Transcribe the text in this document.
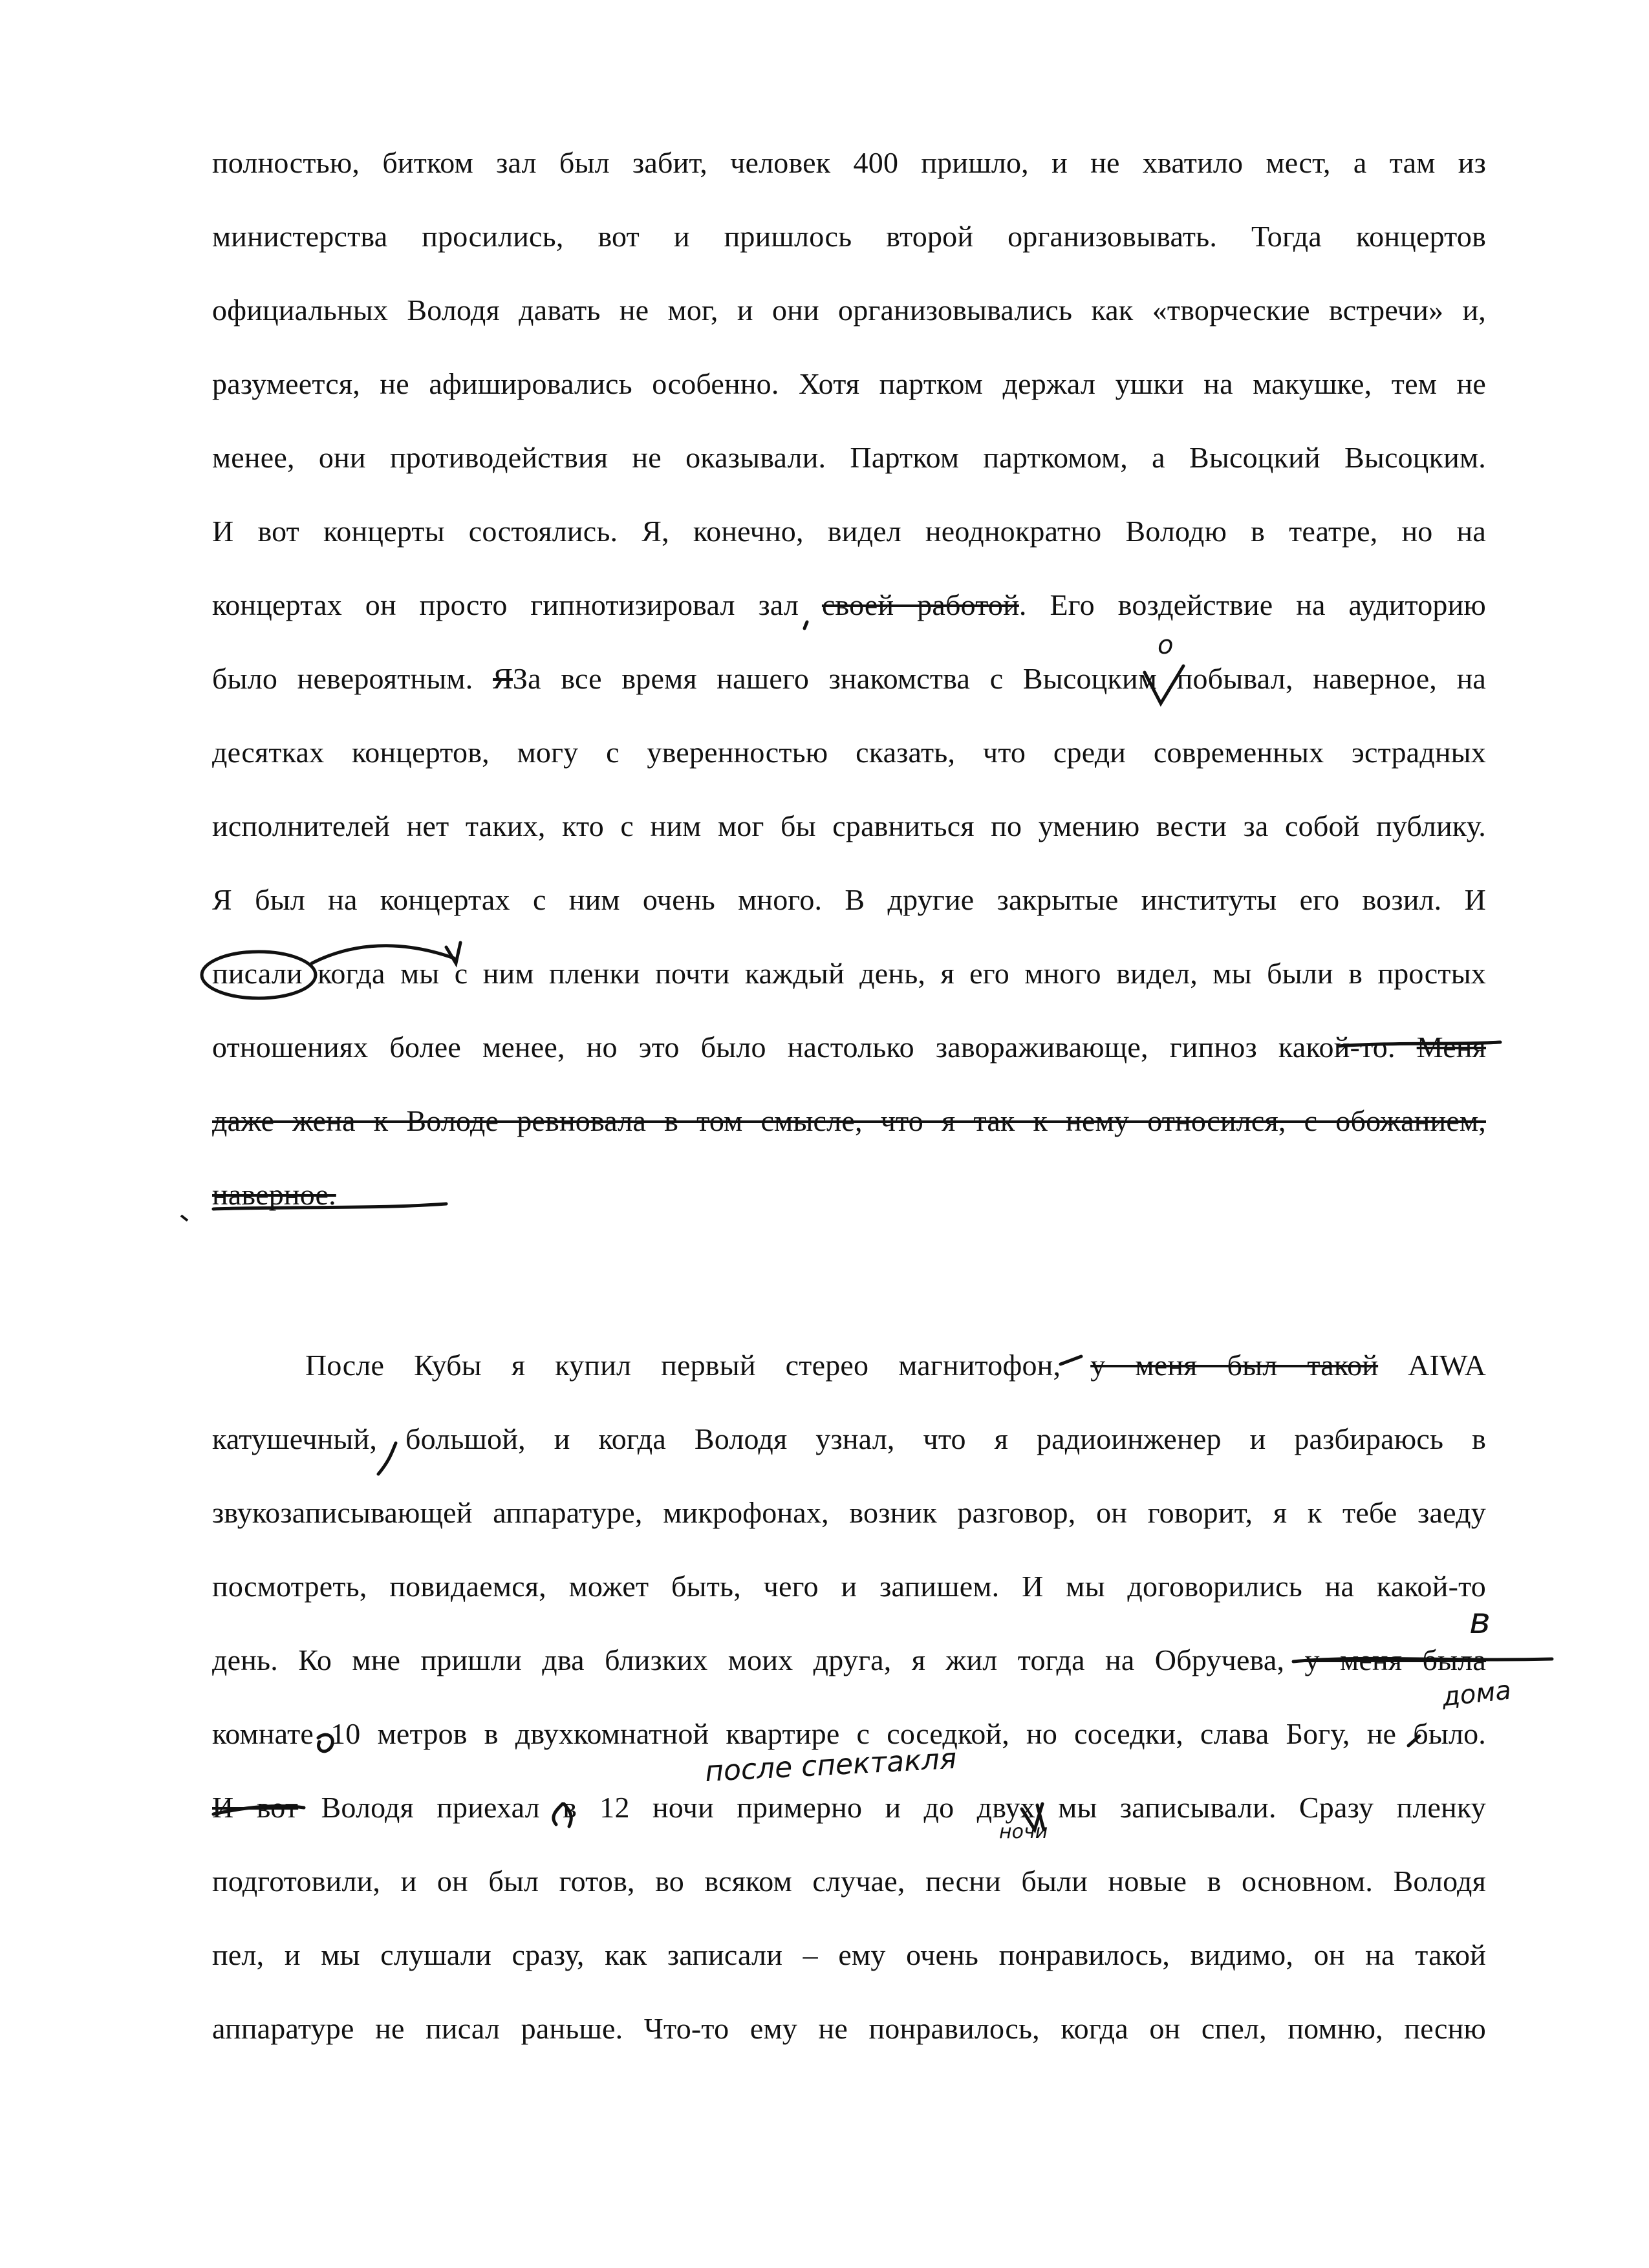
полностью, битком зал был забит, человек 400 пришло, и не хватило мест, а там из
министерства просились, вот и пришлось второй организовывать. Тогда концертов
официальных Володя давать не мог, и они организовывались как «творческие встречи» и,
разумеется, не афишировались особенно. Хотя партком держал ушки на макушке, тем не
менее, они противодействия не оказывали. Партком парткомом, а Высоцкий Высоцким.
И вот концерты состоялись. Я, конечно, видел неоднократно Володю в театре, но на
концертах он просто гипнотизировал зал своей работой. Его воздействие на аудиторию
было невероятным. ЯЗа все время нашего знакомства с Высоцким побывал, наверное, на
десятках концертов, могу с уверенностью сказать, что среди современных эстрадных
исполнителей нет таких, кто с ним мог бы сравниться по умению вести за собой публику.
Я был на концертах с ним очень много. В другие закрытые институты его возил. И
писали когда мы с ним пленки почти каждый день, я его много видел, мы были в простых
отношениях более менее, но это было настолько завораживающе, гипноз какой-то. Меня
даже жена к Володе ревновала в том смысле, что я так к нему относился, с обожанием,
наверное.
После Кубы я купил первый стерео магнитофон, у меня был такой AIWA
катушечный, большой, и когда Володя узнал, что я радиоинженер и разбираюсь в
звукозаписывающей аппаратуре, микрофонах, возник разговор, он говорит, я к тебе заеду
посмотреть, повидаемся, может быть, чего и запишем. И мы договорились на какой-то
день. Ко мне пришли два близких моих друга, я жил тогда на Обручева, у меня была
комнате 10 метров в двухкомнатной квартире с соседкой, но соседки, слава Богу, не было.
И вот Володя приехал в 12 ночи примерно и до двух мы записывали. Сразу пленку
подготовили, и он был готов, во всяком случае, песни были новые в основном. Володя
пел, и мы слушали сразу, как записали – ему очень понравилось, видимо, он на такой
аппаратуре не писал раньше. Что-то ему не понравилось, когда он спел, помню, песню
после спектакля
ночи
дома
в
о
